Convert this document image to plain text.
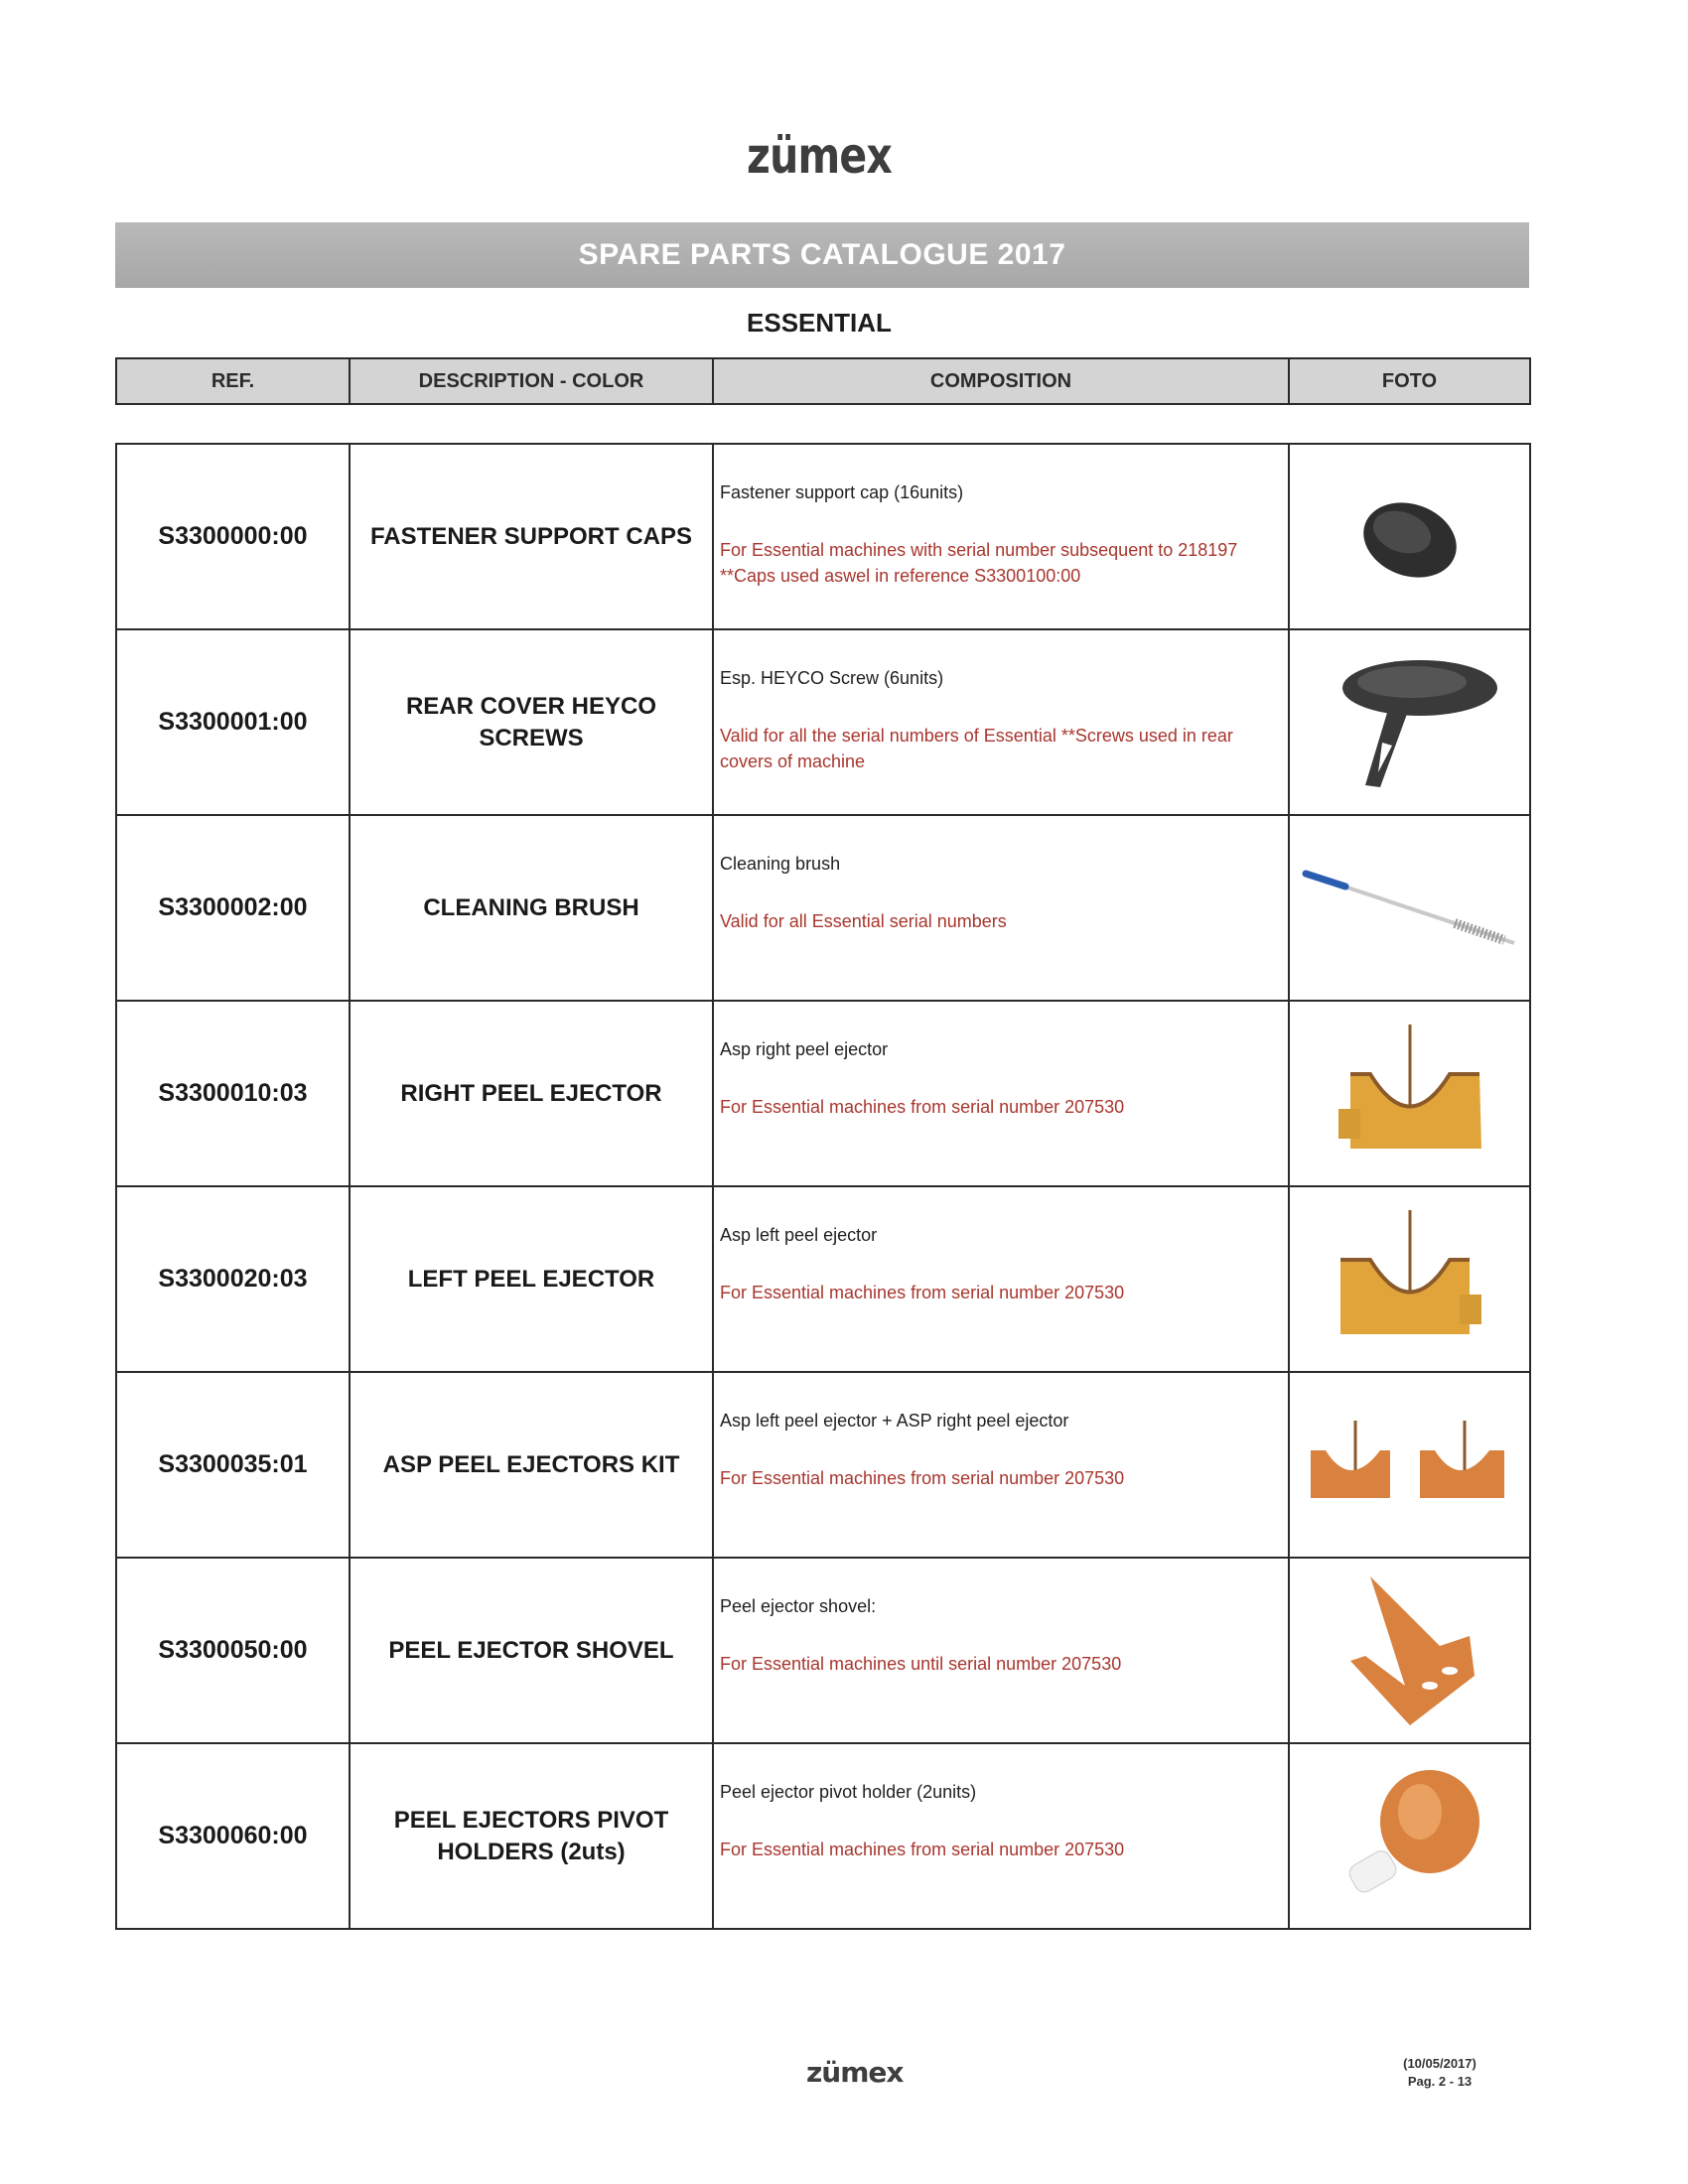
zümex
SPARE PARTS CATALOGUE 2017
ESSENTIAL
REF.	DESCRIPTION - COLOR	COMPOSITION	FOTO
S3300000:00	FASTENER SUPPORT CAPS	Fastener support cap (16units)
For Essential machines with serial number subsequent to 218197 **Caps used aswel in reference S3300100:00

S3300001:00	REAR COVER HEYCO SCREWS	Esp. HEYCO Screw (6units)
Valid for all the serial numbers of Essential **Screws used in rear covers of machine

S3300002:00	CLEANING BRUSH	Cleaning brush
Valid for all Essential serial numbers

S3300010:03	RIGHT PEEL EJECTOR	Asp right peel ejector
For Essential machines from serial number 207530

S3300020:03	LEFT PEEL EJECTOR	Asp left peel ejector
For Essential machines from serial number 207530

S3300035:01	ASP PEEL EJECTORS KIT	Asp left peel ejector + ASP right peel ejector
For Essential machines from serial number 207530

S3300050:00	PEEL EJECTOR SHOVEL	Peel ejector shovel:
For Essential machines until serial number 207530

S3300060:00	PEEL EJECTORS PIVOT HOLDERS (2uts)	Peel ejector pivot holder (2units)
For Essential machines from serial number 207530

zümex	(10/05/2017)
Pag. 2 - 13
